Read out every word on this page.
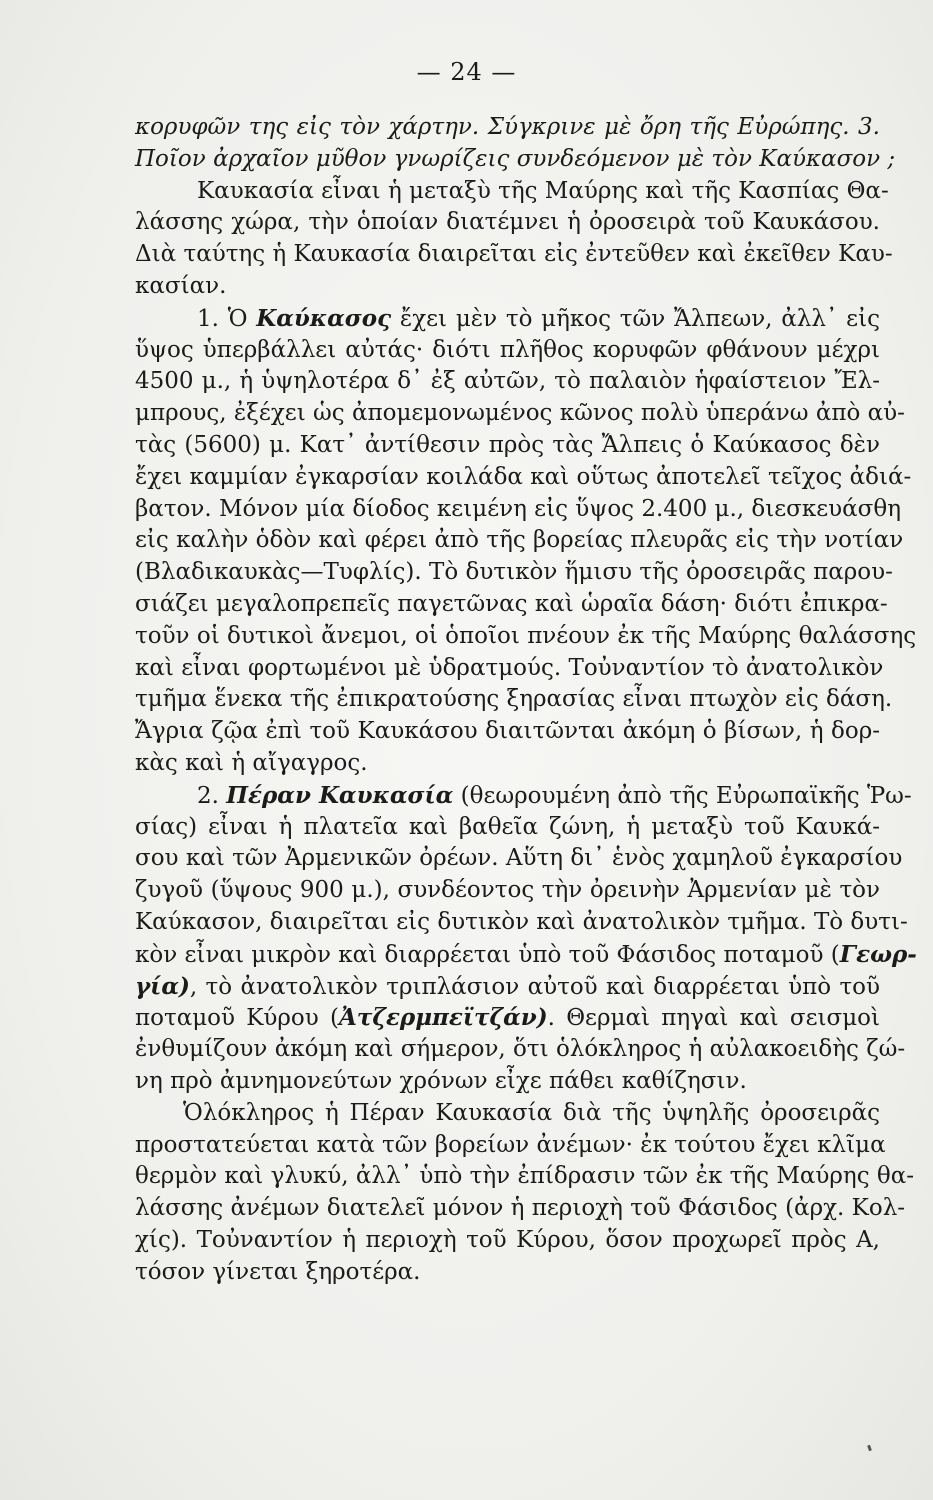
— 24 —
κορυφῶν της εἰς τὸν χάρτην. Σύγκρινε μὲ ὄρη τῆς Εὐρώπης. 3.
Ποῖον ἀρχαῖον μῦθον γνωρίζεις συνδεόμενον μὲ τὸν Καύκασον ;
Καυκασία εἶναι ἡ μεταξὺ τῆς Μαύρης καὶ τῆς Κασπίας Θα-
λάσσης χώρα, τὴν ὁποίαν διατέμνει ἡ ὀροσειρὰ τοῦ Καυκάσου.
Διὰ ταύτης ἡ Καυκασία διαιρεῖται εἰς ἐντεῦθεν καὶ ἐκεῖθεν Καυ-
κασίαν.
1. Ὁ Καύκασος ἔχει μὲν τὸ μῆκος τῶν Ἄλπεων, ἀλλ᾽ εἰς
ὕψος ὑπερβάλλει αὐτάς· διότι πλῆθος κορυφῶν φθάνουν μέχρι
4500 μ., ἡ ὑψηλοτέρα δ᾽ ἐξ αὐτῶν, τὸ παλαιὸν ἡφαίστειον Ἔλ-
μπρους, ἐξέχει ὡς ἀπομεμονωμένος κῶνος πολὺ ὑπεράνω ἀπὸ αὐ-
τὰς (5600) μ. Κατ᾽ ἀντίθεσιν πρὸς τὰς Ἄλπεις ὁ Καύκασος δὲν
ἔχει καμμίαν ἐγκαρσίαν κοιλάδα καὶ οὕτως ἀποτελεῖ τεῖχος ἀδιά-
βατον. Μόνον μία δίοδος κειμένη εἰς ὕψος 2.400 μ., διεσκευάσθη
εἰς καλὴν ὁδὸν καὶ φέρει ἀπὸ τῆς βορείας πλευρᾶς εἰς τὴν νοτίαν
(Βλαδικαυκὰς—Τυφλίς). Τὸ δυτικὸν ἥμισυ τῆς ὀροσειρᾶς παρου-
σιάζει μεγαλοπρεπεῖς παγετῶνας καὶ ὡραῖα δάση· διότι ἐπικρα-
τοῦν οἱ δυτικοὶ ἄνεμοι, οἱ ὁποῖοι πνέουν ἐκ τῆς Μαύρης θαλάσσης
καὶ εἶναι φορτωμένοι μὲ ὑδρατμούς. Τοὐναντίον τὸ ἀνατολικὸν
τμῆμα ἕνεκα τῆς ἐπικρατούσης ξηρασίας εἶναι πτωχὸν εἰς δάση.
Ἄγρια ζῷα ἐπὶ τοῦ Καυκάσου διαιτῶνται ἀκόμη ὁ βίσων, ἡ δορ-
κὰς καὶ ἡ αἴγαγρος.
2. Πέραν Καυκασία (θεωρουμένη ἀπὸ τῆς Εὐρωπαϊκῆς Ῥω-
σίας) εἶναι ἡ πλατεῖα καὶ βαθεῖα ζώνη, ἡ μεταξὺ τοῦ Καυκά-
σου καὶ τῶν Ἀρμενικῶν ὀρέων. Αὕτη δι᾽ ἑνὸς χαμηλοῦ ἐγκαρσίου
ζυγοῦ (ὕψους 900 μ.), συνδέοντος τὴν ὀρεινὴν Ἀρμενίαν μὲ τὸν
Καύκασον, διαιρεῖται εἰς δυτικὸν καὶ ἀνατολικὸν τμῆμα. Τὸ δυτι-
κὸν εἶναι μικρὸν καὶ διαρρέεται ὑπὸ τοῦ Φάσιδος ποταμοῦ (Γεωρ-
γία), τὸ ἀνατολικὸν τριπλάσιον αὐτοῦ καὶ διαρρέεται ὑπὸ τοῦ
ποταμοῦ Κύρου (Ἀτζερμπεϊτζάν). Θερμαὶ πηγαὶ καὶ σεισμοὶ
ἐνθυμίζουν ἀκόμη καὶ σήμερον, ὅτι ὁλόκληρος ἡ αὐλακοειδὴς ζώ-
νη πρὸ ἀμνημονεύτων χρόνων εἶχε πάθει καθίζησιν.
Ὁλόκληρος ἡ Πέραν Καυκασία διὰ τῆς ὑψηλῆς ὀροσειρᾶς
προστατεύεται κατὰ τῶν βορείων ἀνέμων· ἐκ τούτου ἔχει κλῖμα
θερμὸν καὶ γλυκύ, ἀλλ᾽ ὑπὸ τὴν ἐπίδρασιν τῶν ἐκ τῆς Μαύρης θα-
λάσσης ἀνέμων διατελεῖ μόνον ἡ περιοχὴ τοῦ Φάσιδος (ἀρχ. Κολ-
χίς). Τοὐναντίον ἡ περιοχὴ τοῦ Κύρου, ὅσον προχωρεῖ πρὸς Α,
τόσον γίνεται ξηροτέρα.
